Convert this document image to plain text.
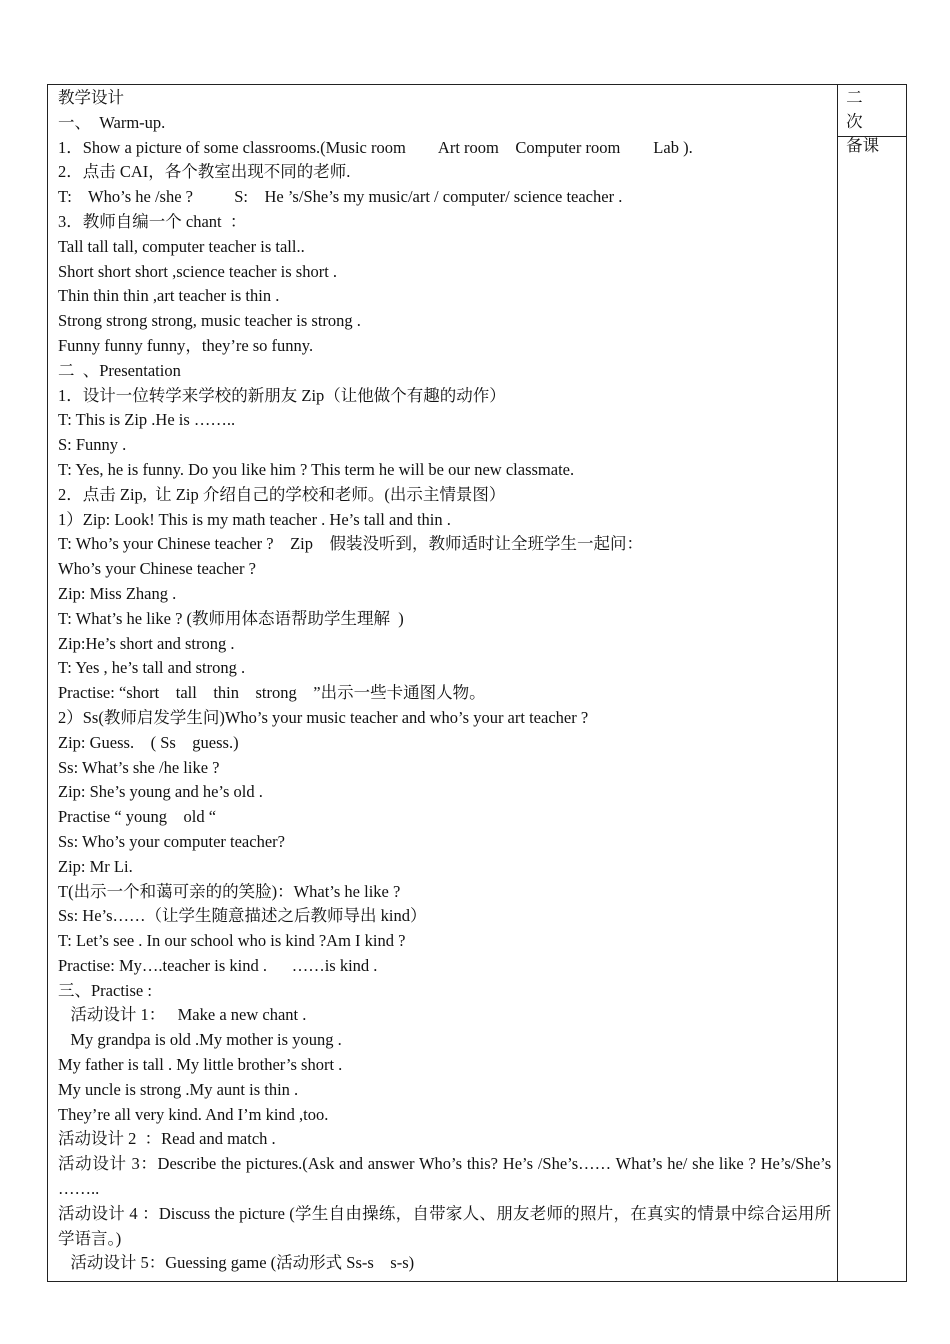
教学设计
一、  Warm-up.
1．Show a picture of some classrooms.(Music room        Art room    Computer room        Lab ).
2．点击 CAI，各个教室出现不同的老师.
T:    Who’s he /she ?          S:    He ’s/She’s my music/art / computer/ science teacher .
3．教师自编一个 chant  ：
Tall tall tall, computer teacher is tall..
Short short short ,science teacher is short .
Thin thin thin ,art teacher is thin .
Strong strong strong, music teacher is strong .
Funny funny funny，they’re so funny.
二  、Presentation
1．设计一位转学来学校的新朋友 Zip（让他做个有趣的动作）
T: This is Zip .He is ……..
S: Funny .
T: Yes, he is funny. Do you like him ? This term he will be our new classmate.
2．点击 Zip,  让 Zip 介绍自己的学校和老师。(出示主情景图）
1）Zip: Look! This is my math teacher . He’s tall and thin .
T: Who’s your Chinese teacher ?    Zip    假装没听到，教师适时让全班学生一起问：
Who’s your Chinese teacher ?
Zip: Miss Zhang .
T: What’s he like ? (教师用体态语帮助学生理解  )
Zip:He’s short and strong .
T: Yes , he’s tall and strong .
Practise: “short    tall    thin    strong    ”出示一些卡通图人物。
2）Ss(教师启发学生问)Who’s your music teacher and who’s your art teacher ?
Zip: Guess.    ( Ss    guess.)
Ss: What’s she /he like ?
Zip: She’s young and he’s old .
Practise “ young    old “
Ss: Who’s your computer teacher?
Zip: Mr Li.
T(出示一个和蔼可亲的的笑脸)：What’s he like ?
Ss: He’s……（让学生随意描述之后教师导出 kind）
T: Let’s see . In our school who is kind ?Am I kind ?
Practise: My….teacher is kind .      ……is kind .
三、Practise :
活动设计 1：   Make a new chant .
My grandpa is old .My mother is young .
My father is tall . My little brother’s short .
My uncle is strong .My aunt is thin .
They’re all very kind. And I’m kind ,too.
活动设计 2  ：Read and match .
活动设计 3：Describe the pictures.(Ask and answer Who’s this? He’s /She’s…… What’s he/ she like ? He’s/She’s ……..
活动设计 4 ：Discuss the picture (学生自由操练，自带家人、朋友老师的照片，在真实的情景中综合运用所学语言。)
活动设计 5：Guessing game (活动形式 Ss-s    s-s)

二 次
备课
